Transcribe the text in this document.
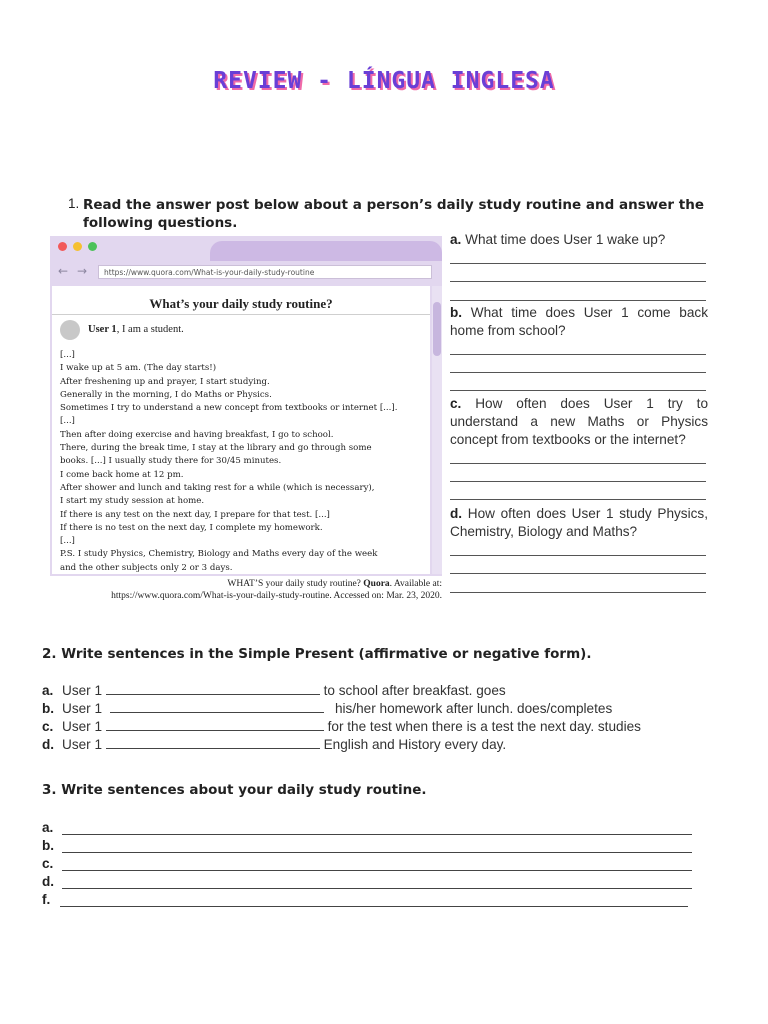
REVIEW - LÍNGUA INGLESA
1. Read the answer post below about a person’s daily study routine and answer the following questions.
← →	https://www.quora.com/What-is-your-daily-study-routine
What’s your daily study routine?
User 1, I am a student.
[...]
I wake up at 5 am. (The day starts!)
After freshening up and prayer, I start studying.
Generally in the morning, I do Maths or Physics.
Sometimes I try to understand a new concept from textbooks or internet [...].
[...]
Then after doing exercise and having breakfast, I go to school.
There, during the break time, I stay at the library and go through some
books. [...] I usually study there for 30/45 minutes.
I come back home at 12 pm.
After shower and lunch and taking rest for a while (which is necessary),
I start my study session at home.
If there is any test on the next day, I prepare for that test. [...]
If there is no test on the next day, I complete my homework.
[...]
P.S. I study Physics, Chemistry, Biology and Maths every day of the week
and the other subjects only 2 or 3 days.
WHAT’S your daily study routine? Quora. Available at:
https://www.quora.com/What-is-your-daily-study-routine. Accessed on: Mar. 23, 2020.
a. What time does User 1 wake up?
b. What time does User 1 come back home from school?
c. How often does User 1 try to understand a new Maths or Physics concept from textbooks or the internet?
d. How often does User 1 study Physics, Chemistry, Biology and Maths?
2. Write sentences in the Simple Present (affirmative or negative form).
a. User 1	to school after breakfast. goes
b. User 1	his/her homework after lunch. does/completes
c. User 1	for the test when there is a test the next day. studies
d. User 1	English and History every day.
3. Write sentences about your daily study routine.
a.
b.
c.
d.
f.
